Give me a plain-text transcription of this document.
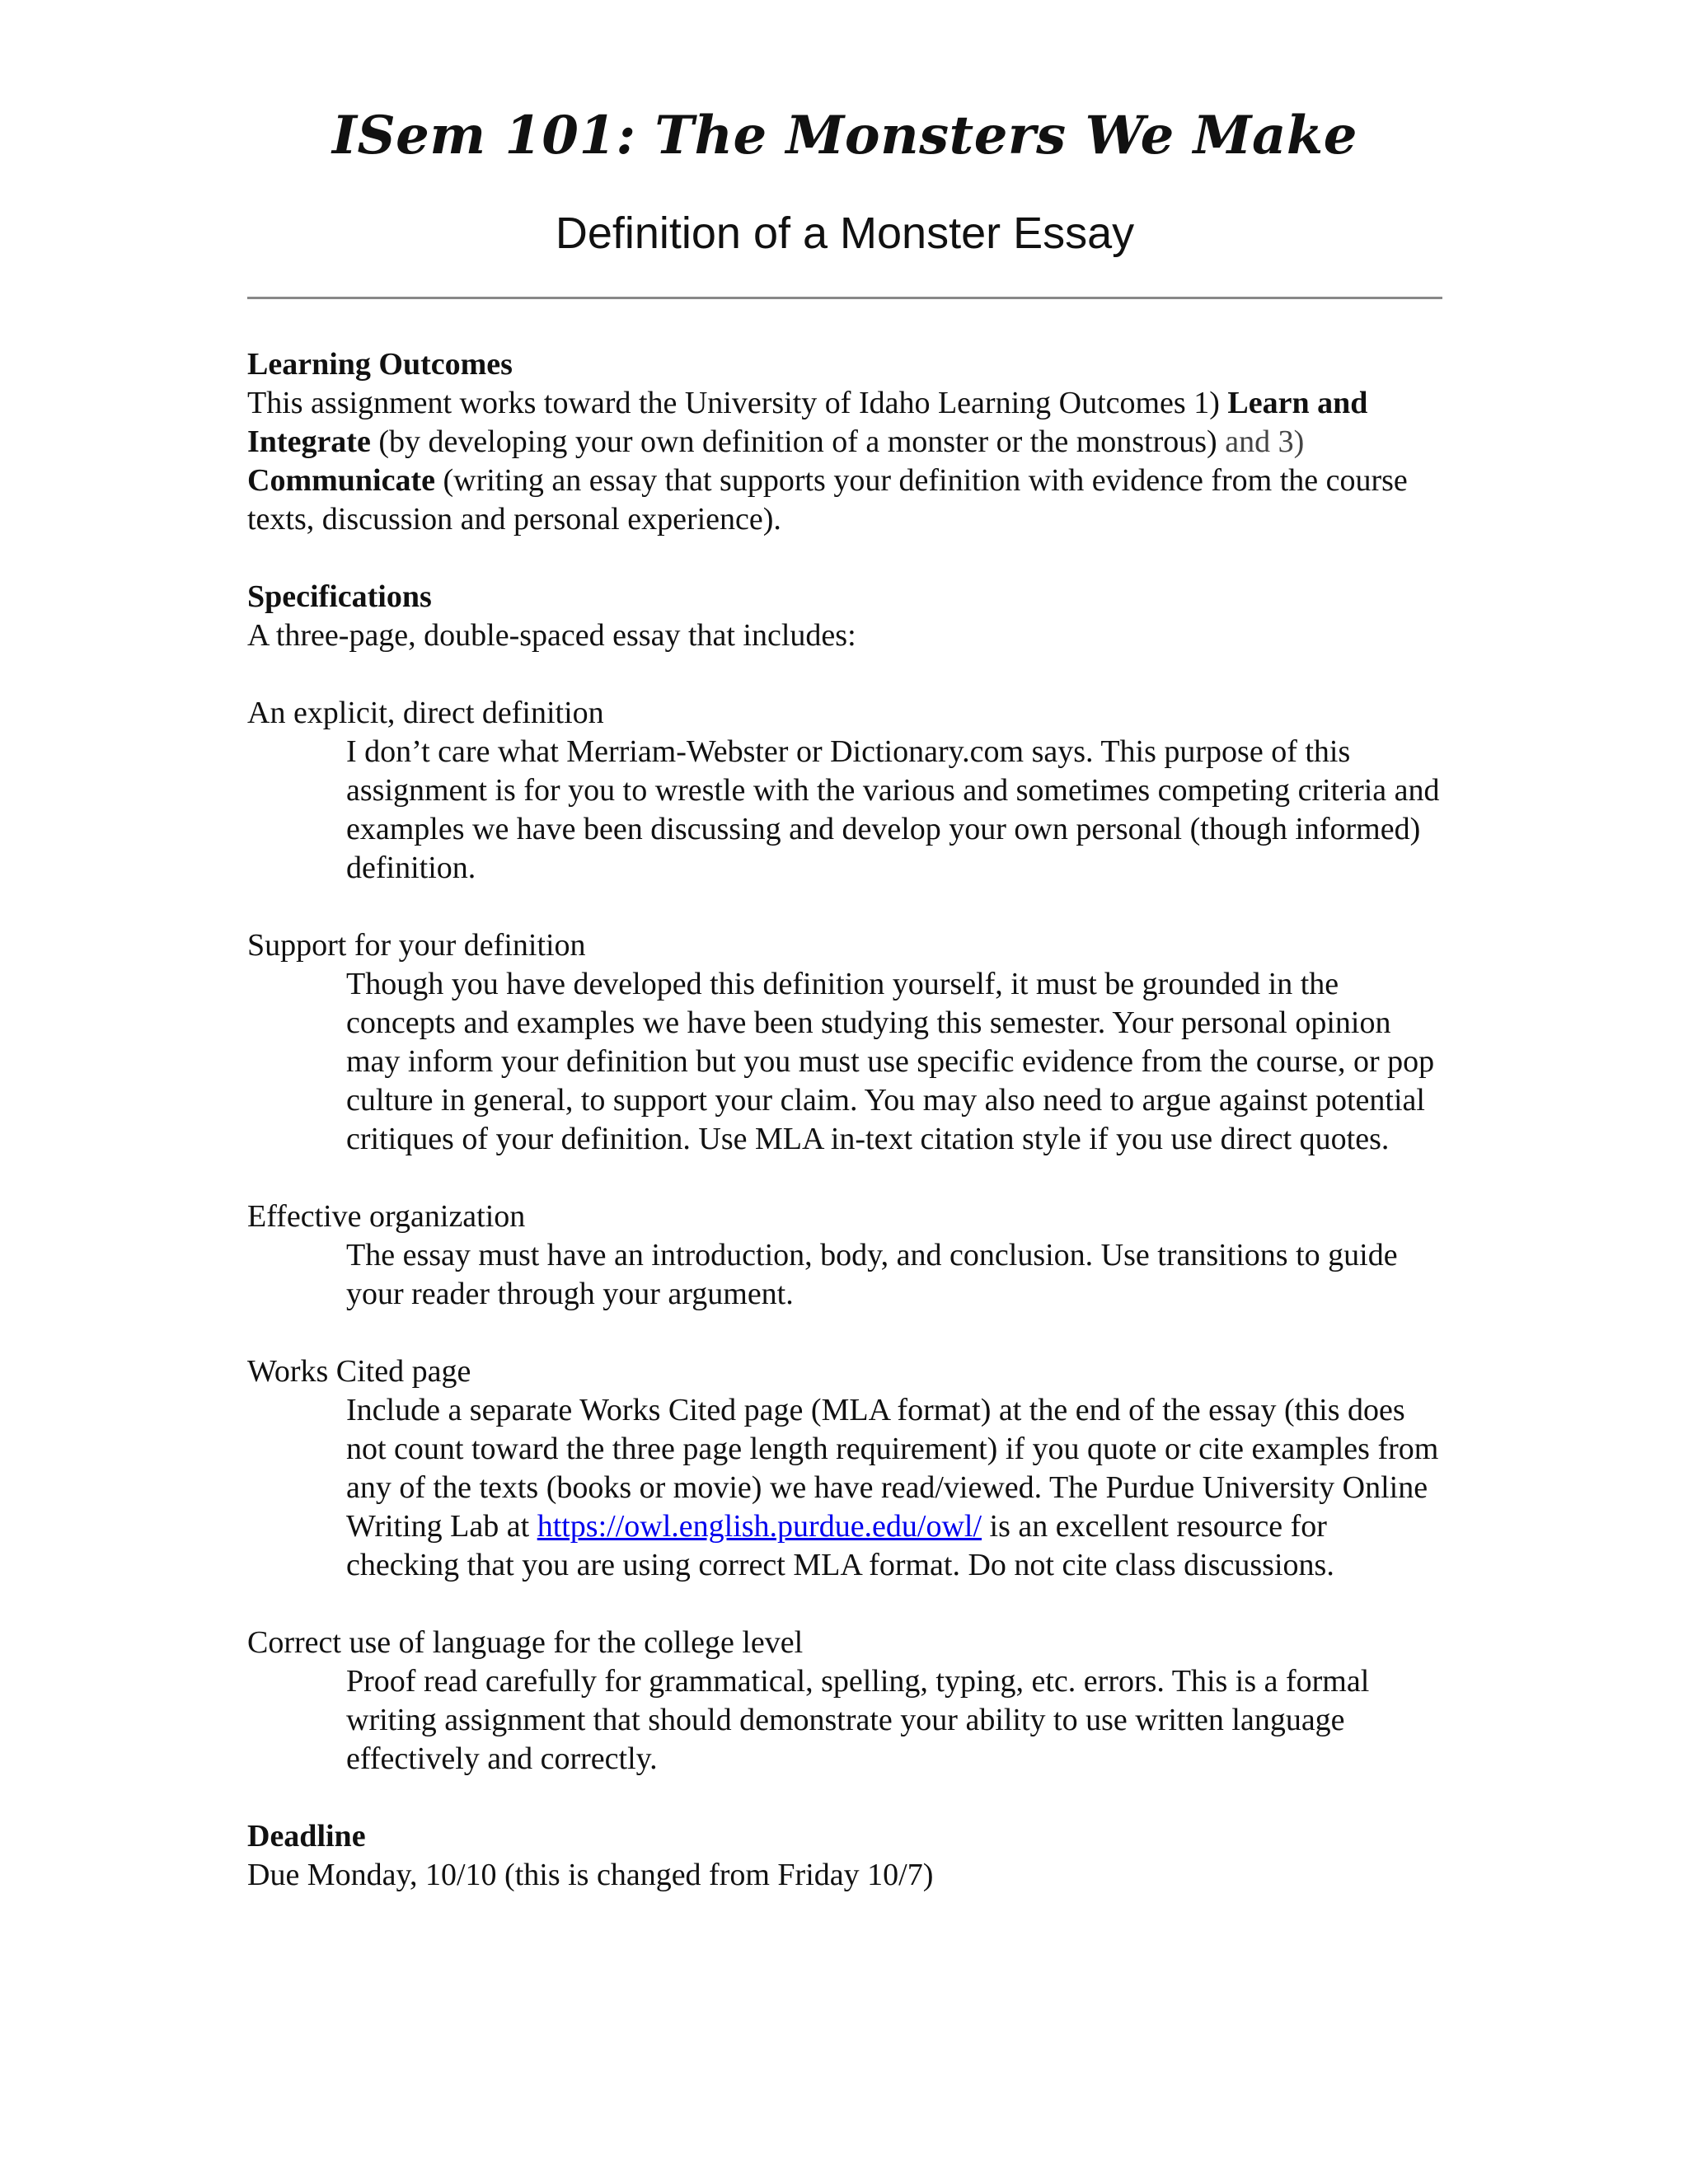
ISem 101: The Monsters We Make
Definition of a Monster Essay

Learning Outcomes

This assignment works toward the University of Idaho Learning Outcomes 1) Learn and Integrate (by developing your own definition of a monster or the monstrous) and 3) Communicate (writing an essay that supports your definition with evidence from the course texts, discussion and personal experience).

Specifications

A three-page, double-spaced essay that includes:

An explicit, direct definition

I don’t care what Merriam-Webster or Dictionary.com says. This purpose of this assignment is for you to wrestle with the various and sometimes competing criteria and examples we have been discussing and develop your own personal (though informed) definition.

Support for your definition

Though you have developed this definition yourself, it must be grounded in the concepts and examples we have been studying this semester. Your personal opinion may inform your definition but you must use specific evidence from the course, or pop culture in general, to support your claim. You may also need to argue against potential critiques of your definition. Use MLA in-text citation style if you use direct quotes.

Effective organization

The essay must have an introduction, body, and conclusion. Use transitions to guide your reader through your argument.

Works Cited page

Include a separate Works Cited page (MLA format) at the end of the essay (this does not count toward the three page length requirement) if you quote or cite examples from any of the texts (books or movie) we have read/viewed. The Purdue University Online Writing Lab at https://owl.english.purdue.edu/owl/ is an excellent resource for checking that you are using correct MLA format. Do not cite class discussions.

Correct use of language for the college level

Proof read carefully for grammatical, spelling, typing, etc. errors. This is a formal writing assignment that should demonstrate your ability to use written language effectively and correctly.

Deadline

Due Monday, 10/10 (this is changed from Friday 10/7)
